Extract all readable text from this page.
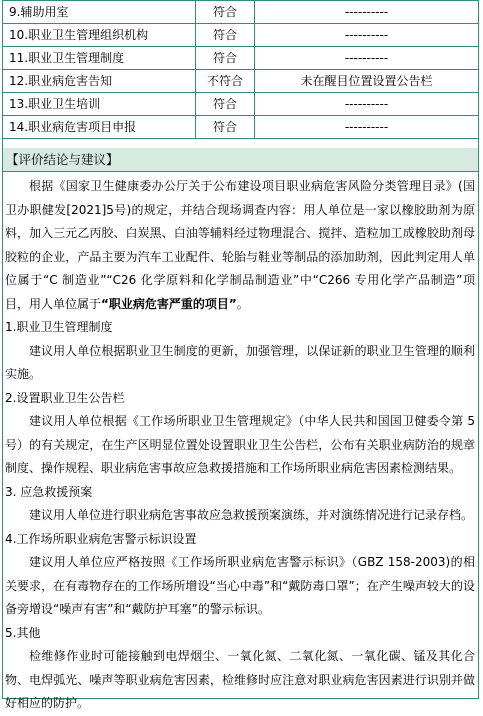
9.辅助用室	符合	----------
10.职业卫生管理组织机构	符合	----------
11.职业卫生管理制度	符合	----------
12.职业病危害告知	不符合	未在醒目位置设置公告栏
13.职业卫生培训	符合	----------
14.职业病危害项目申报	符合	----------
【评价结论与建议】

根据《国家卫生健康委办公厅关于公布建设项目职业病危害风险分类管理目录》(国卫办职健发[2021]5号)的规定，并结合现场调查内容：用人单位是一家以橡胶助剂为原料，加入三元乙丙胶、白炭黑、白油等辅料经过物理混合、搅拌、造粒加工成橡胶助剂母胶粒的企业，产品主要为汽车工业配件、轮胎与鞋业等制品的添加助剂，因此判定用人单位属于“C 制造业”“C26 化学原料和化学制品制造业”中“C266 专用化学产品制造”项目，用人单位属于“职业病危害严重的项目”。

1.职业卫生管理制度

建议用人单位根据职业卫生制度的更新，加强管理，以保证新的职业卫生管理的顺利实施。

2.设置职业卫生公告栏

建议用人单位根据《工作场所职业卫生管理规定》（中华人民共和国国卫健委令第 5 号）的有关规定，在生产区明显位置处设置职业卫生公告栏，公布有关职业病防治的规章制度、操作规程、职业病危害事故应急救援措施和工作场所职业病危害因素检测结果。

3. 应急救援预案

建议用人单位进行职业病危害事故应急救援预案演练，并对演练情况进行记录存档。

4.工作场所职业病危害警示标识设置

建议用人单位应严格按照《工作场所职业病危害警示标识》（GBZ 158-2003)的相关要求，在有毒物存在的工作场所增设“当心中毒”和“戴防毒口罩”；在产生噪声较大的设备旁增设“噪声有害”和“戴防护耳塞”的警示标识。

5.其他

检维修作业时可能接触到电焊烟尘、一氧化氮、二氧化氮、一氧化碳、锰及其化合物、电焊弧光、噪声等职业病危害因素，检维修时应注意对职业病危害因素进行识别并做好相应的防护。
